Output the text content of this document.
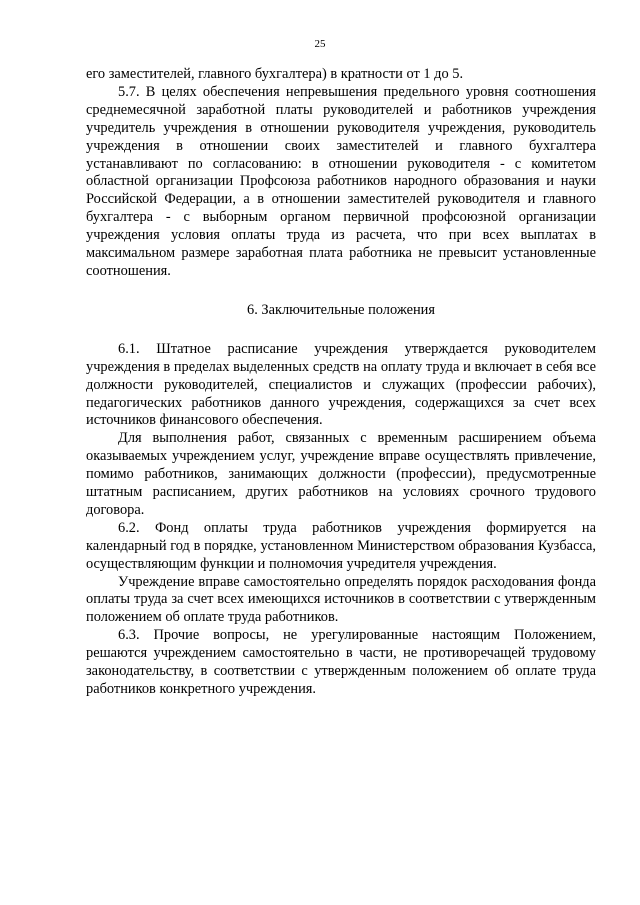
25

его заместителей, главного бухгалтера) в кратности от 1 до 5.

5.7. В целях обеспечения непревышения предельного уровня соотношения среднемесячной заработной платы руководителей и работников учреждения учредитель учреждения в отношении руководителя учреждения, руководитель учреждения в отношении своих заместителей и главного бухгалтера устанавливают по согласованию: в отношении руководителя - с комитетом областной организации Профсоюза работников народного образования и науки Российской Федерации, а в отношении заместителей руководителя и главного бухгалтера - с выборным органом первичной профсоюзной организации учреждения условия оплаты труда из расчета, что при всех выплатах в максимальном размере заработная плата работника не превысит установленные соотношения.

6. Заключительные положения

6.1. Штатное расписание учреждения утверждается руководителем учреждения в пределах выделенных средств на оплату труда и включает в себя все должности руководителей, специалистов и служащих (профессии рабочих), педагогических работников данного учреждения, содержащихся за счет всех источников финансового обеспечения.

Для выполнения работ, связанных с временным расширением объема оказываемых учреждением услуг, учреждение вправе осуществлять привлечение, помимо работников, занимающих должности (профессии), предусмотренные штатным расписанием, других работников на условиях срочного трудового договора.

6.2. Фонд оплаты труда работников учреждения формируется на календарный год в порядке, установленном Министерством образования Кузбасса, осуществляющим функции и полномочия учредителя учреждения.

Учреждение вправе самостоятельно определять порядок расходования фонда оплаты труда за счет всех имеющихся источников в соответствии с утвержденным положением об оплате труда работников.

6.3. Прочие вопросы, не урегулированные настоящим Положением, решаются учреждением самостоятельно в части, не противоречащей трудовому законодательству, в соответствии с утвержденным положением об оплате труда работников конкретного учреждения.
